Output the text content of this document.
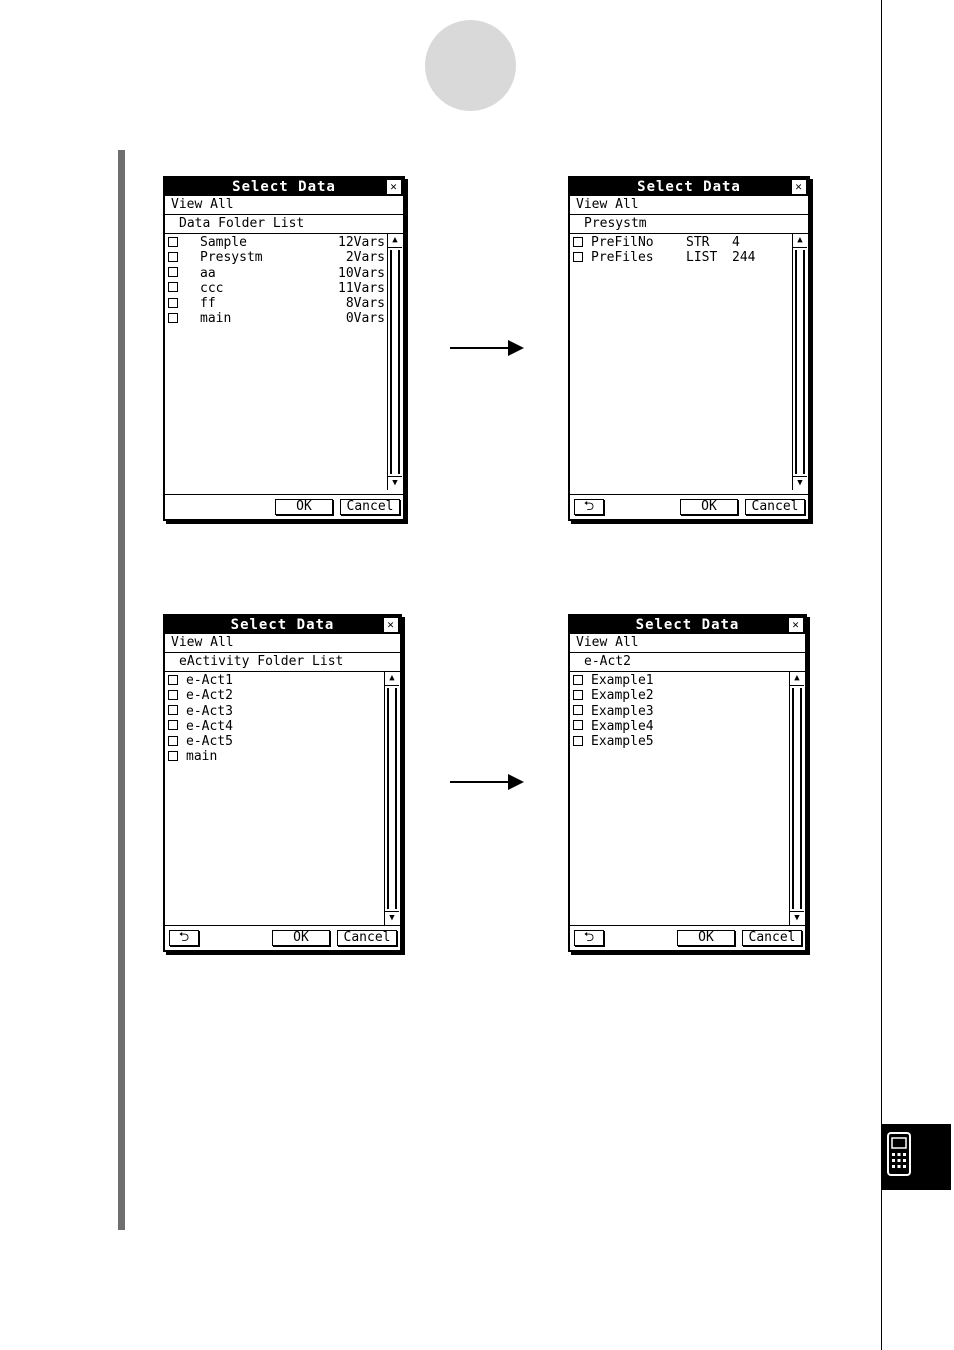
Select Data	✕
View All
Data Folder List
Sample	12Vars
Presystm	2Vars
aa	10Vars
ccc	11Vars
ff	8Vars
main	0Vars
▲
▼
OK	Cancel
Select Data	✕
View All
Presystm
PreFilNo STR 4
PreFiles LIST 244
▲
▼
⮌	OK	Cancel
Select Data	✕
View All
eActivity Folder List
e-Act1
e-Act2
e-Act3
e-Act4
e-Act5
main
▲
▼
⮌	OK	Cancel
Select Data	✕
View All
e-Act2
Example1
Example2
Example3
Example4
Example5
▲
▼
⮌	OK	Cancel
